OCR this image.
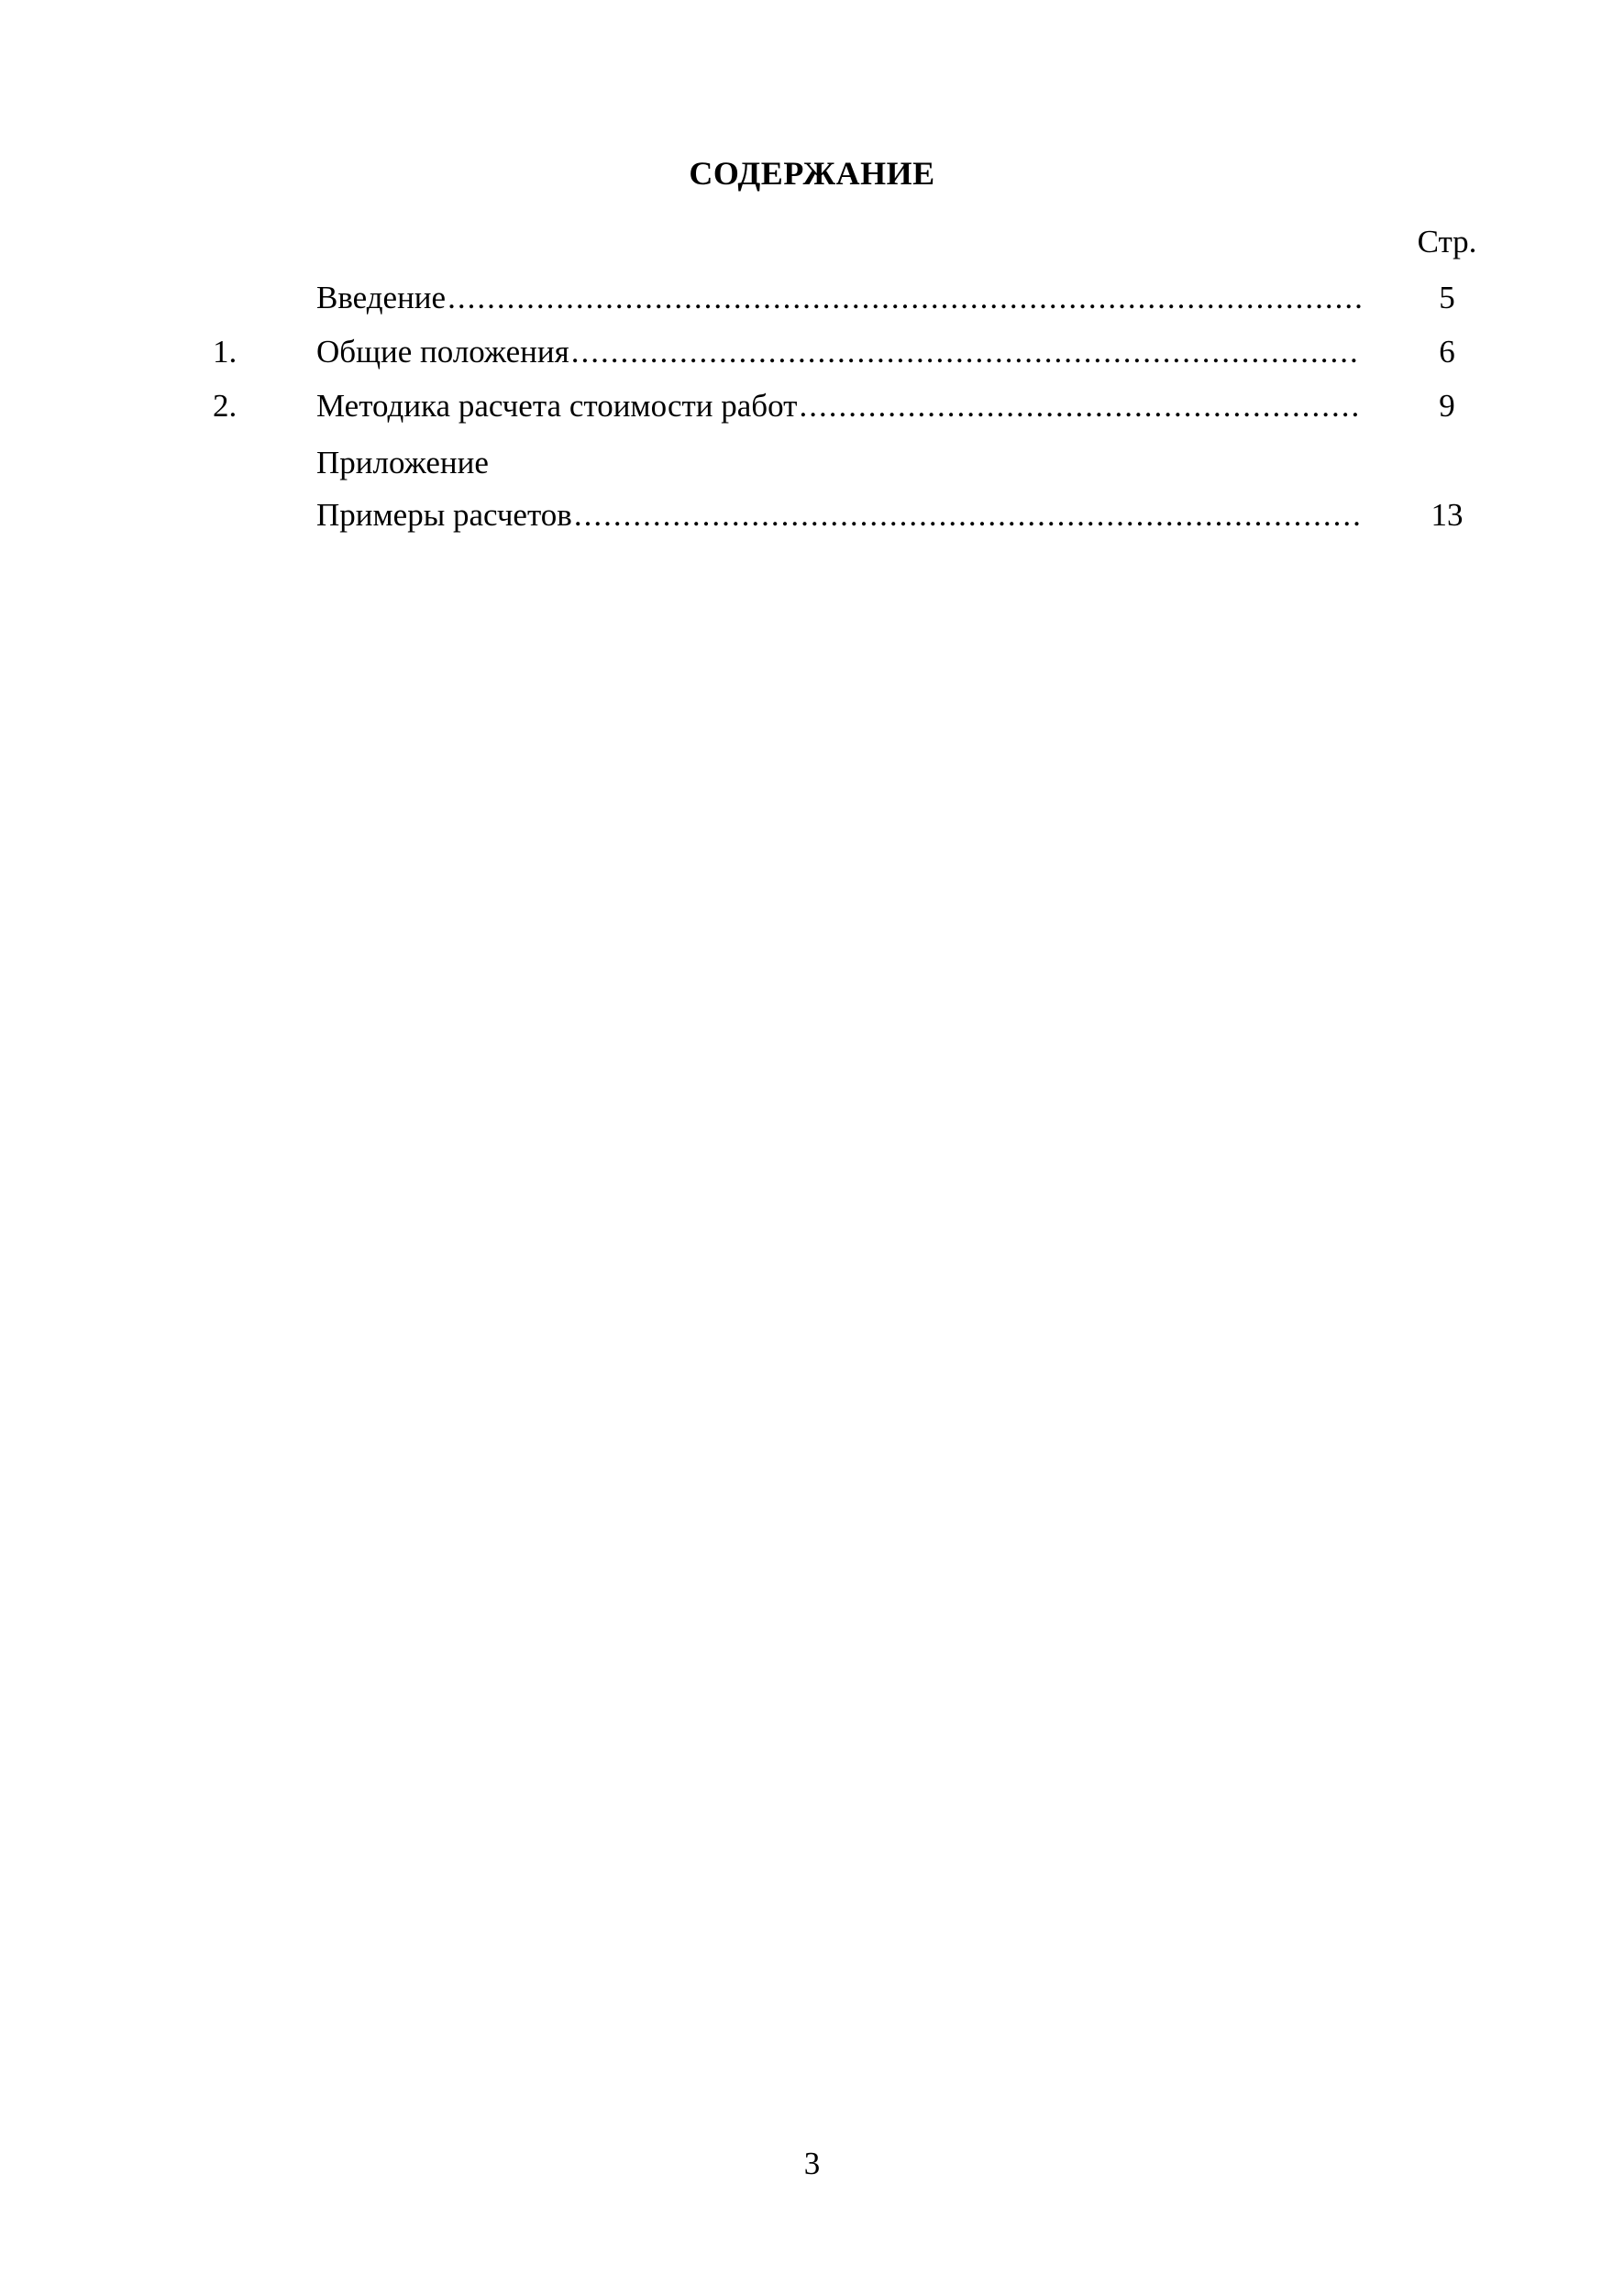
СОДЕРЖАНИЕ
Стр.
Введение .....	5
1.	Общие положения .....	6
2.	Методика расчета стоимости работ .....	9
Приложение
Примеры расчетов .....	13
3
